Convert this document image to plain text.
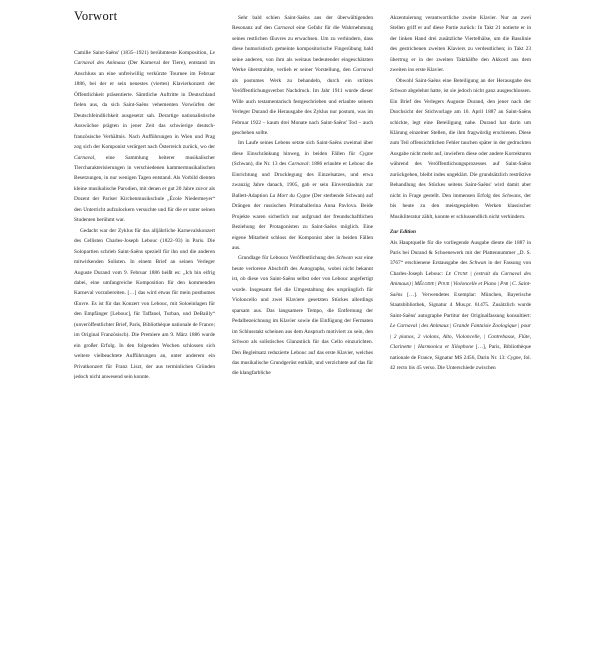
Vorwort

Camille Saint-Saëns' (1835–1921) berühmteste Komposition, Le Carnaval des Animaux (Der Karneval der Tiere), entstand im Anschluss an eine unfreiwillig verkürzte Tournee im Februar 1886, bei der er sein neuestes (viertes) Klavierkonzert der Öffentlichkeit präsentierte. Sämtliche Auftritte in Deutschland fielen aus, da sich Saint-Saëns vehementen Vorwürfen der Deutschfeindlichkeit ausgesetzt sah. Derartige nationalistische Auswüchse prägten in jener Zeit das schwierige deutsch-französische Verhältnis. Nach Aufführungen in Wien und Prag zog sich der Komponist verärgert nach Österreich zurück, wo der Carnaval, eine Sammlung heiterer musikalischer Tiercharakterisierungen in verschiedenen kammermusikalischen Besetzungen, in nur wenigen Tagen entstand. Als Vorbild dienten kleine musikalische Parodien, mit denen er gut 20 Jahre zuvor als Dozent der Pariser Kirchenmusikschule „École Niedermeyer“ den Unterricht aufzulockern versuchte und für die er unter seinen Studenten berühmt war.

Gedacht war der Zyklus für das alljährliche Karnevalskonzert des Cellisten Charles-Joseph Lebouc (1822–93) in Paris. Die Solopartien schrieb Saint-Saëns speziell für ihn und die anderen mitwirkenden Solisten. In einem Brief an seinen Verleger Auguste Durand vom 9. Februar 1886 heißt es: „Ich bin eifrig dabei, eine umfangreiche Komposition für den kommenden Karneval vorzubereiten. […] das wird etwas für mein posthumes Œuvre. Es ist für das Konzert von Lebouc, mit Soloeinlagen für den Empfänger [Lebouc], für Taffanel, Turban, und DeBailly“ (unveröffentlichter Brief, Paris, Bibliothèque nationale de France; im Original Französisch). Die Premiere am 9. März 1886 wurde ein großer Erfolg. In den folgenden Wochen schlossen sich weitere vielbeachtete Aufführungen an, unter anderem ein Privatkonzert für Franz Liszt, der aus terminlichen Gründen jedoch nicht anwesend sein konnte.

Sehr bald schien Saint-Saëns aus der überwältigenden Resonanz auf den Carnaval eine Gefahr für die Wahrnehmung seines restlichen Œuvres zu erwachsen. Um zu verhindern, dass diese humoristisch gemeinte kompositorische Fingerübung bald seine anderen, von ihm als weitaus bedeutender eingeschätzten Werke überstrahlte, verlieh er seiner Vorstellung, den Carnaval als postumes Werk zu behandeln, durch ein striktes Veröffentlichungsverbot Nachdruck. Im Jahr 1911 wurde dieser Wille auch testamentarisch festgeschrieben und erlaubte seinem Verleger Durand die Herausgabe des Zyklus nur postum, was im Februar 1922 – kaum drei Monate nach Saint-Saëns' Tod – auch geschehen sollte.

Im Laufe seines Lebens setzte sich Saint-Saëns zweimal über diese Einschränkung hinweg, in beiden Fällen für Cygne (Schwan), die Nr. 13 des Carnaval: 1886 erlaubte er Lebouc die Einrichtung und Drucklegung des Einzelsatzes, und etwa zwanzig Jahre danach, 1905, gab er sein Einverständnis zur Ballett-Adaption La Mort du Cygne (Der sterbende Schwan) auf Drängen der russischen Primaballerina Anna Pavlova. Beide Projekte waren sicherlich nur aufgrund der freundschaftlichen Beziehung der Protagonisten zu Saint-Saëns möglich. Eine eigene Mitarbeit schloss der Komponist aber in beiden Fällen aus.

Grundlage für Leboucs Veröffentlichung des Schwan war eine heute verlorene Abschrift des Autographs, wobei nicht bekannt ist, ob diese von Saint-Saëns selbst oder von Lebouc angefertigt wurde. Insgesamt fiel die Umgestaltung des ursprünglich für Violoncello und zwei Klaviere gesetzten Stückes allerdings sparsam aus. Das langsamere Tempo, die Entfernung der Pedalbezeichnung im Klavier sowie die Einfügung der Fermaten im Schlusstakt scheinen aus dem Anspruch motiviert zu sein, den Schwan als solistisches Glanzstück für das Cello einzurichten. Den Begleitsatz reduzierte Lebouc auf das erste Klavier, welches das musikalische Grundgerüst enthält, und verzichtete auf das für die klangfarbliche

Akzentuierung verantwortliche zweite Klavier. Nur an zwei Stellen griff er auf diese Partie zurück: In Takt 21 notierte er in der linken Hand drei zusätzliche Viertelhälse, um die Basslinie des gestrichenen zweiten Klaviers zu verdeutlichen; in Takt 23 übertrug er in der zweiten Takthälfte den Akkord aus dem zweiten ins erste Klavier.

Obwohl Saint-Saëns eine Beteiligung an der Herausgabe des Schwan abgelehnt hatte, ist sie jedoch nicht ganz ausgeschlossen. Ein Brief des Verlegers Auguste Durand, den jener nach der Durchsicht der Stichvorlage am 16. April 1887 an Saint-Saëns schickte, legt eine Beteiligung nahe. Durand hat darin um Klärung einzelner Stellen, die ihm fragwürdig erschienen. Diese zum Teil offensichtlichen Fehler tauchen später in der gedruckten Ausgabe nicht mehr auf, inwiefern diese oder andere Korrekturen während des Veröffentlichungsprozesses auf Saint-Saëns zurückgehen, bleibt indes ungeklärt. Die grundsätzlich restriktive Behandlung des Stückes seitens Saint-Saëns' wird damit aber nicht in Frage gestellt. Den immensen Erfolg des Schwans, der bis heute zu den meistgespielten Werken klassischer Musikliteratur zählt, konnte er schlussendlich nicht verhindern.

Zur Edition

Als Hauptquelle für die vorliegende Ausgabe diente die 1887 in Paris bei Durand & Schoenewerk mit der Plattennummer „D. S. 3767“ erschienene Erstausgabe des Schwan in der Fassung von Charles-Joseph Lebouc: Le Cygne | (extrait du Carnaval des Animaux) | MÉlodie | Pour | Violoncelle et Piano | Par | C. Saint-Saëns […]. Verwendetes Exemplar: München, Bayerische Staatsbibliothek, Signatur 4 Mus.pr. 61475. Zusätzlich wurde Saint-Saëns' autographe Partitur der Originalfassung konsultiert: Le Carnaval | des Animaux | Grande Fantaisie Zoologique | pour | 2 pianos, 2 violons, Alto, Violoncelle, | Contrebasse, Flûte, Clarinette | Harmonica et Xilophone […], Paris, Bibliothèque nationale de France, Signatur MS 2456, Darin Nr. 13: Cygne, fol. 42 recto bis 45 verso. Die Unterschiede zwischen
